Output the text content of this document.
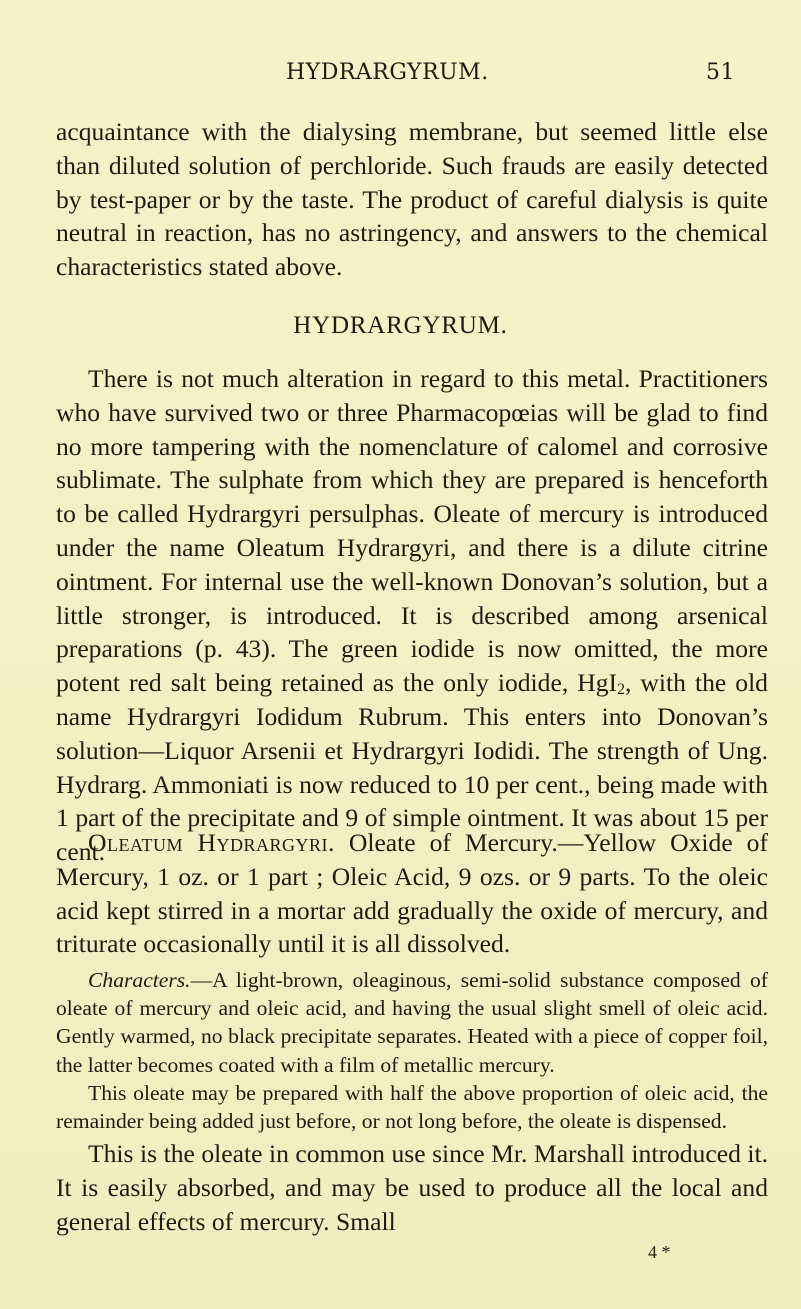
HYDRARGYRUM.	51

acquaintance with the dialysing membrane, but seemed little else than diluted solution of perchloride. Such frauds are easily detected by test-paper or by the taste. The product of careful dialysis is quite neutral in reaction, has no astringency, and answers to the chemical characteristics stated above.

HYDRARGYRUM.

There is not much alteration in regard to this metal. Practitioners who have survived two or three Pharmacopœias will be glad to find no more tampering with the nomenclature of calomel and corrosive sublimate. The sulphate from which they are prepared is henceforth to be called Hydrargyri persulphas. Oleate of mercury is introduced under the name Oleatum Hydrargyri, and there is a dilute citrine ointment. For internal use the well-known Donovan’s solution, but a little stronger, is introduced. It is described among arsenical preparations (p. 43). The green iodide is now omitted, the more potent red salt being retained as the only iodide, HgI$_2$, with the old name Hydrargyri Iodidum Rubrum. This enters into Donovan’s solution—Liquor Arsenii et Hydrargyri Iodidi. The strength of Ung. Hydrarg. Ammoniati is now reduced to 10 per cent., being made with 1 part of the precipitate and 9 of simple ointment. It was about 15 per cent.

Oleatum Hydrargyri. Oleate of Mercury.—Yellow Oxide of Mercury, 1 oz. or 1 part ; Oleic Acid, 9 ozs. or 9 parts. To the oleic acid kept stirred in a mortar add gradually the oxide of mercury, and triturate occasionally until it is all dissolved.

Characters.—A light-brown, oleaginous, semi-solid substance composed of oleate of mercury and oleic acid, and having the usual slight smell of oleic acid. Gently warmed, no black precipitate separates. Heated with a piece of copper foil, the latter becomes coated with a film of metallic mercury.

This oleate may be prepared with half the above proportion of oleic acid, the remainder being added just before, or not long before, the oleate is dispensed.

This is the oleate in common use since Mr. Marshall introduced it. It is easily absorbed, and may be used to produce all the local and general effects of mercury. Small

4 *
